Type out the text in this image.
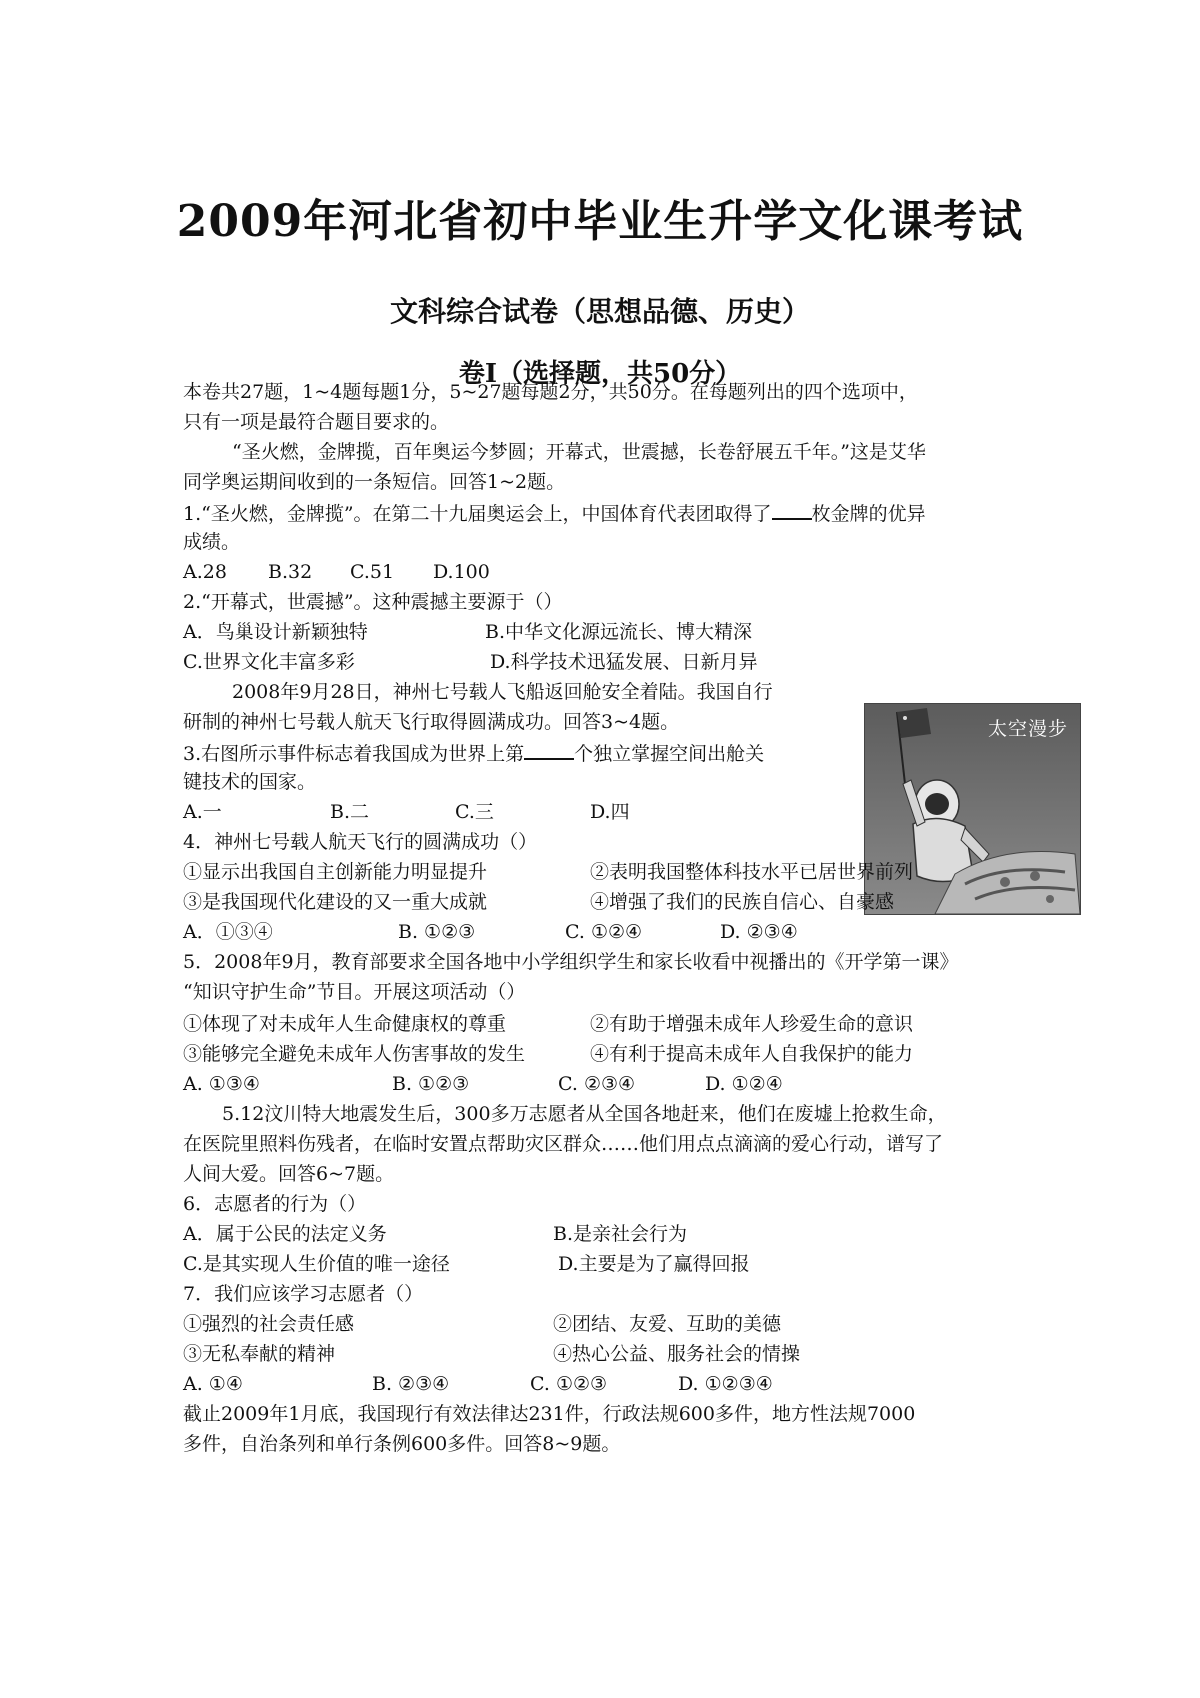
2009年河北省初中毕业生升学文化课考试
文科综合试卷（思想品德、历史）
卷I（选择题，共50分）
本卷共27题，1~4题每题1分，5~27题每题2分，共50分。在每题列出的四个选项中，
只有一项是最符合题目要求的。
“圣火燃，金牌揽，百年奥运今梦圆；开幕式，世震撼，长卷舒展五千年。”这是艾华
同学奥运期间收到的一条短信。回答1~2题。
1.“圣火燃，金牌揽”。在第二十九届奥运会上，中国体育代表团取得了 枚金牌的优异
成绩。
A.28 B.32 C.51 D.100
2.“开幕式，世震撼”。这种震撼主要源于（）
A．鸟巢设计新颖独特	B.中华文化源远流长、博大精深
C.世界文化丰富多彩	D.科学技术迅猛发展、日新月异
2008年9月28日，神州七号载人飞船返回舱安全着陆。我国自行
研制的神州七号载人航天飞行取得圆满成功。回答3~4题。
3.右图所示事件标志着我国成为世界上第	个独立掌握空间出舱关
键技术的国家。
A.一	B.二	C.三	D.四
太空漫步
4．神州七号载人航天飞行的圆满成功（）
①显示出我国自主创新能力明显提升	②表明我国整体科技水平已居世界前列
③是我国现代化建设的又一重大成就	④增强了我们的民族自信心、自豪感
A．①③④	B. ①②③	C. ①②④	D. ②③④
5．2008年9月，教育部要求全国各地中小学组织学生和家长收看中视播出的《开学第一课》
“知识守护生命”节目。开展这项活动（）
①体现了对未成年人生命健康权的尊重	②有助于增强未成年人珍爱生命的意识
③能够完全避免未成年人伤害事故的发生	④有利于提高未成年人自我保护的能力
A. ①③④	B. ①②③	C. ②③④	D. ①②④
5.12汶川特大地震发生后，300多万志愿者从全国各地赶来，他们在废墟上抢救生命，
在医院里照料伤残者，在临时安置点帮助灾区群众……他们用点点滴滴的爱心行动，谱写了
人间大爱。回答6~7题。
6．志愿者的行为（）
A．属于公民的法定义务	B.是亲社会行为
C.是其实现人生价值的唯一途径	D.主要是为了赢得回报
7．我们应该学习志愿者（）
①强烈的社会责任感	②团结、友爱、互助的美德
③无私奉献的精神	④热心公益、服务社会的情操
A. ①④	B. ②③④	C. ①②③	D. ①②③④
截止2009年1月底，我国现行有效法律达231件，行政法规600多件，地方性法规7000
多件，自治条列和单行条例600多件。回答8~9题。
